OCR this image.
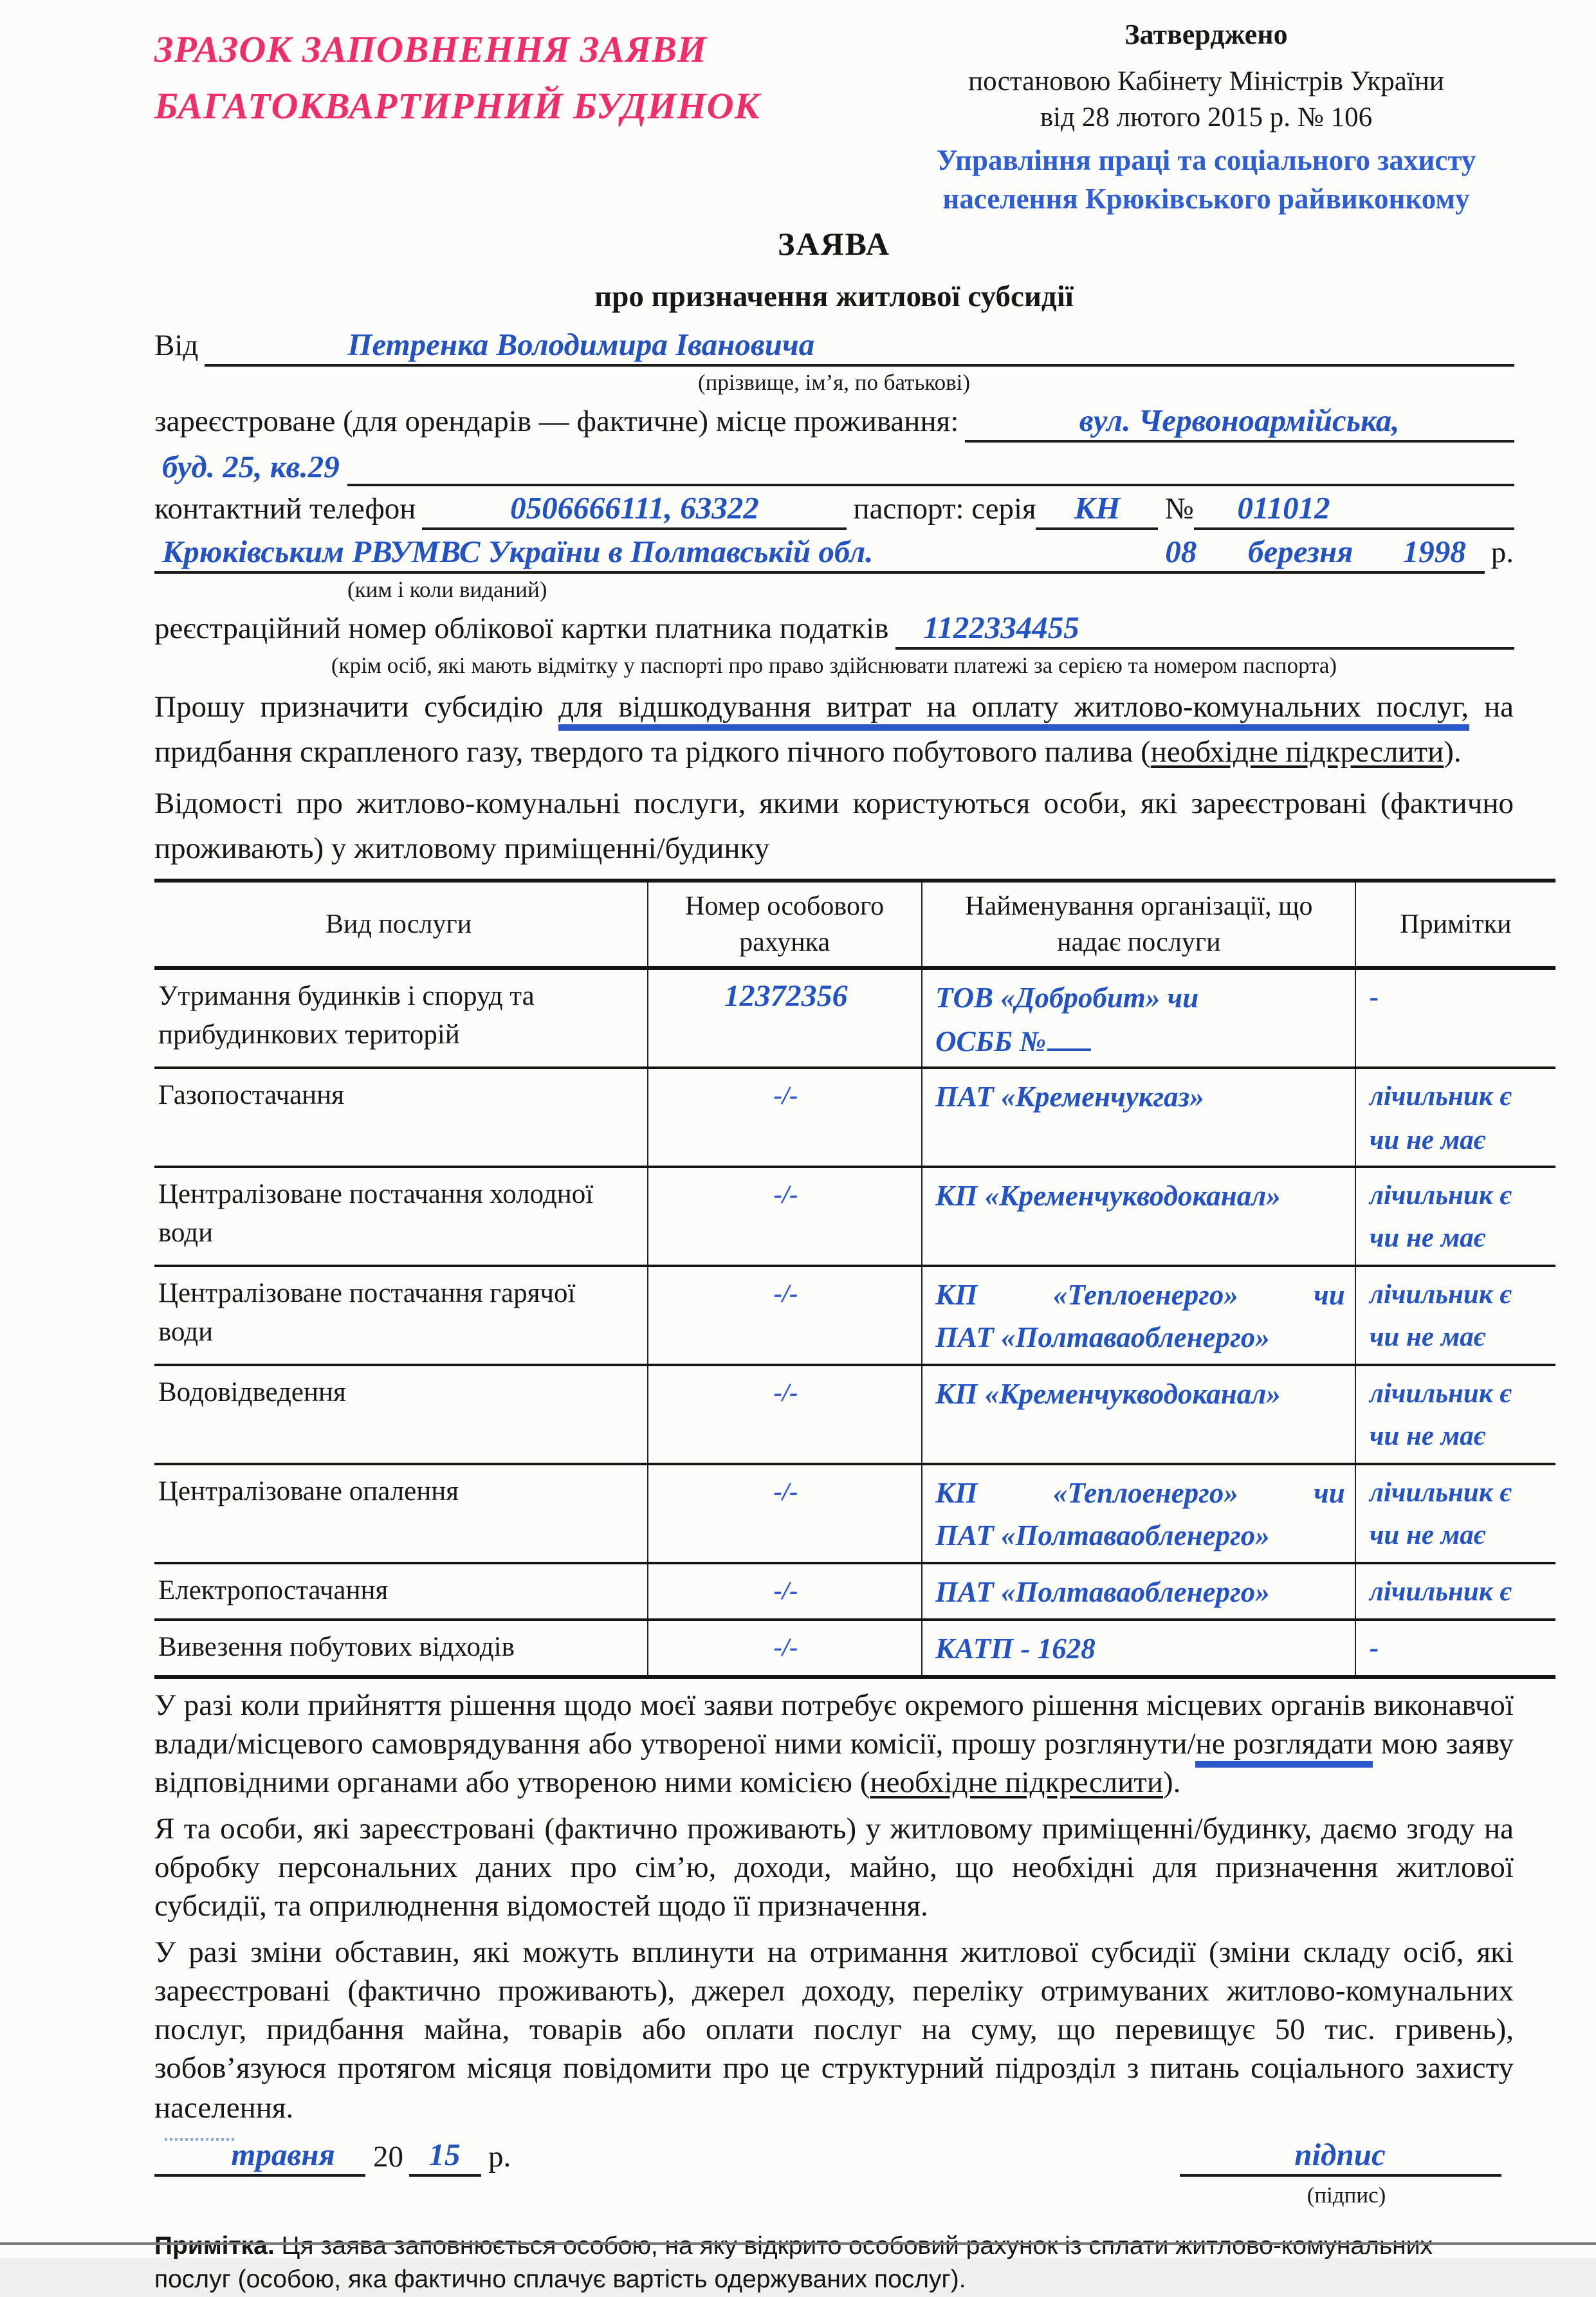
ЗРАЗОК ЗАПОВНЕННЯ ЗАЯВИ
БАГАТОКВАРТИРНИЙ БУДИНОК
Затверджено
постановою Кабінету Міністрів України
від 28 лютого 2015 р. № 106
Управління праці та соціального захисту
населення Крюківського райвиконкому
ЗАЯВА
про призначення житлової субсидії
Від	Петренка Володимира Івановича
(прізвище, ім’я, по батькові)
зареєстроване (для орендарів — фактичне) місце проживання:	вул. Червоноармійська,
буд. 25, кв.29
контактний телефон	0506666111, 63322	паспорт: серія	КН	№	011012
Крюківським РВУМВС України в Полтавській обл.	08	березня	1998	р.
(ким і коли виданий)
реєстраційний номер облікової картки платника податків	1122334455
(крім осіб, які мають відмітку у паспорті про право здійснювати платежі за серією та номером паспорта)

Прошу призначити субсидію для відшкодування витрат на оплату житлово-комунальних послуг, на придбання скрапленого газу, твердого та рідкого пічного побутового палива (необхідне підкреслити).

Відомості про житлово-комунальні послуги, якими користуються особи, які зареєстровані (фактично проживають) у житловому приміщенні/будинку

Вид послуги	Номер особового рахунка	Найменування організації, що надає послуги	Примітки
Утримання будинків і споруд та прибудинкових територій	12372356	ТОВ «Добробит» чи
ОСББ №	-

Газопостачання	-/-	ПАТ «Кременчукгаз»	лічильник є
чи не має

Централізоване постачання холодної води	-/-	КП «Кременчукводоканал»	лічильник є
чи не має

Централізоване постачання гарячої води	-/-	КП «Теплоенерго» чи
ПАТ «Полтаваобленерго»	лічильник є
чи не має

Водовідведення	-/-	КП «Кременчукводоканал»	лічильник є
чи не має

Централізоване опалення	-/-	КП «Теплоенерго» чи
ПАТ «Полтаваобленерго»	лічильник є
чи не має

Електропостачання	-/-	ПАТ «Полтаваобленерго»	лічильник є

Вивезення побутових відходів	-/-	КАТП - 1628	-

У разі коли прийняття рішення щодо моєї заяви потребує окремого рішення місцевих органів виконавчої влади/місцевого самоврядування або утвореної ними комісії, прошу розглянути/не розглядати мою заяву відповідними органами або утвореною ними комісією (необхідне підкреслити).

Я та особи, які зареєстровані (фактично проживають) у житловому приміщенні/будинку, даємо згоду на обробку персональних даних про сім’ю, доходи, майно, що необхідні для призначення житлової субсидії, та оприлюднення відомостей щодо її призначення.

У разі зміни обставин, які можуть вплинути на отримання житлової субсидії (зміни складу осіб, які зареєстровані (фактично проживають), джерел доходу, переліку отримуваних житлово-комунальних послуг, придбання майна, товарів або оплати послуг на суму, що перевищує 50 тис. гривень), зобов’язуюся протягом місяця повідомити про це структурний підрозділ з питань соціального захисту населення.

травня	20	15	р.	підпис
(підпис)

Примітка. Ця заява заповнюється особою, на яку відкрито особовий рахунок із сплати житлово-комунальних послуг (особою, яка фактично сплачує вартість одержуваних послуг).
